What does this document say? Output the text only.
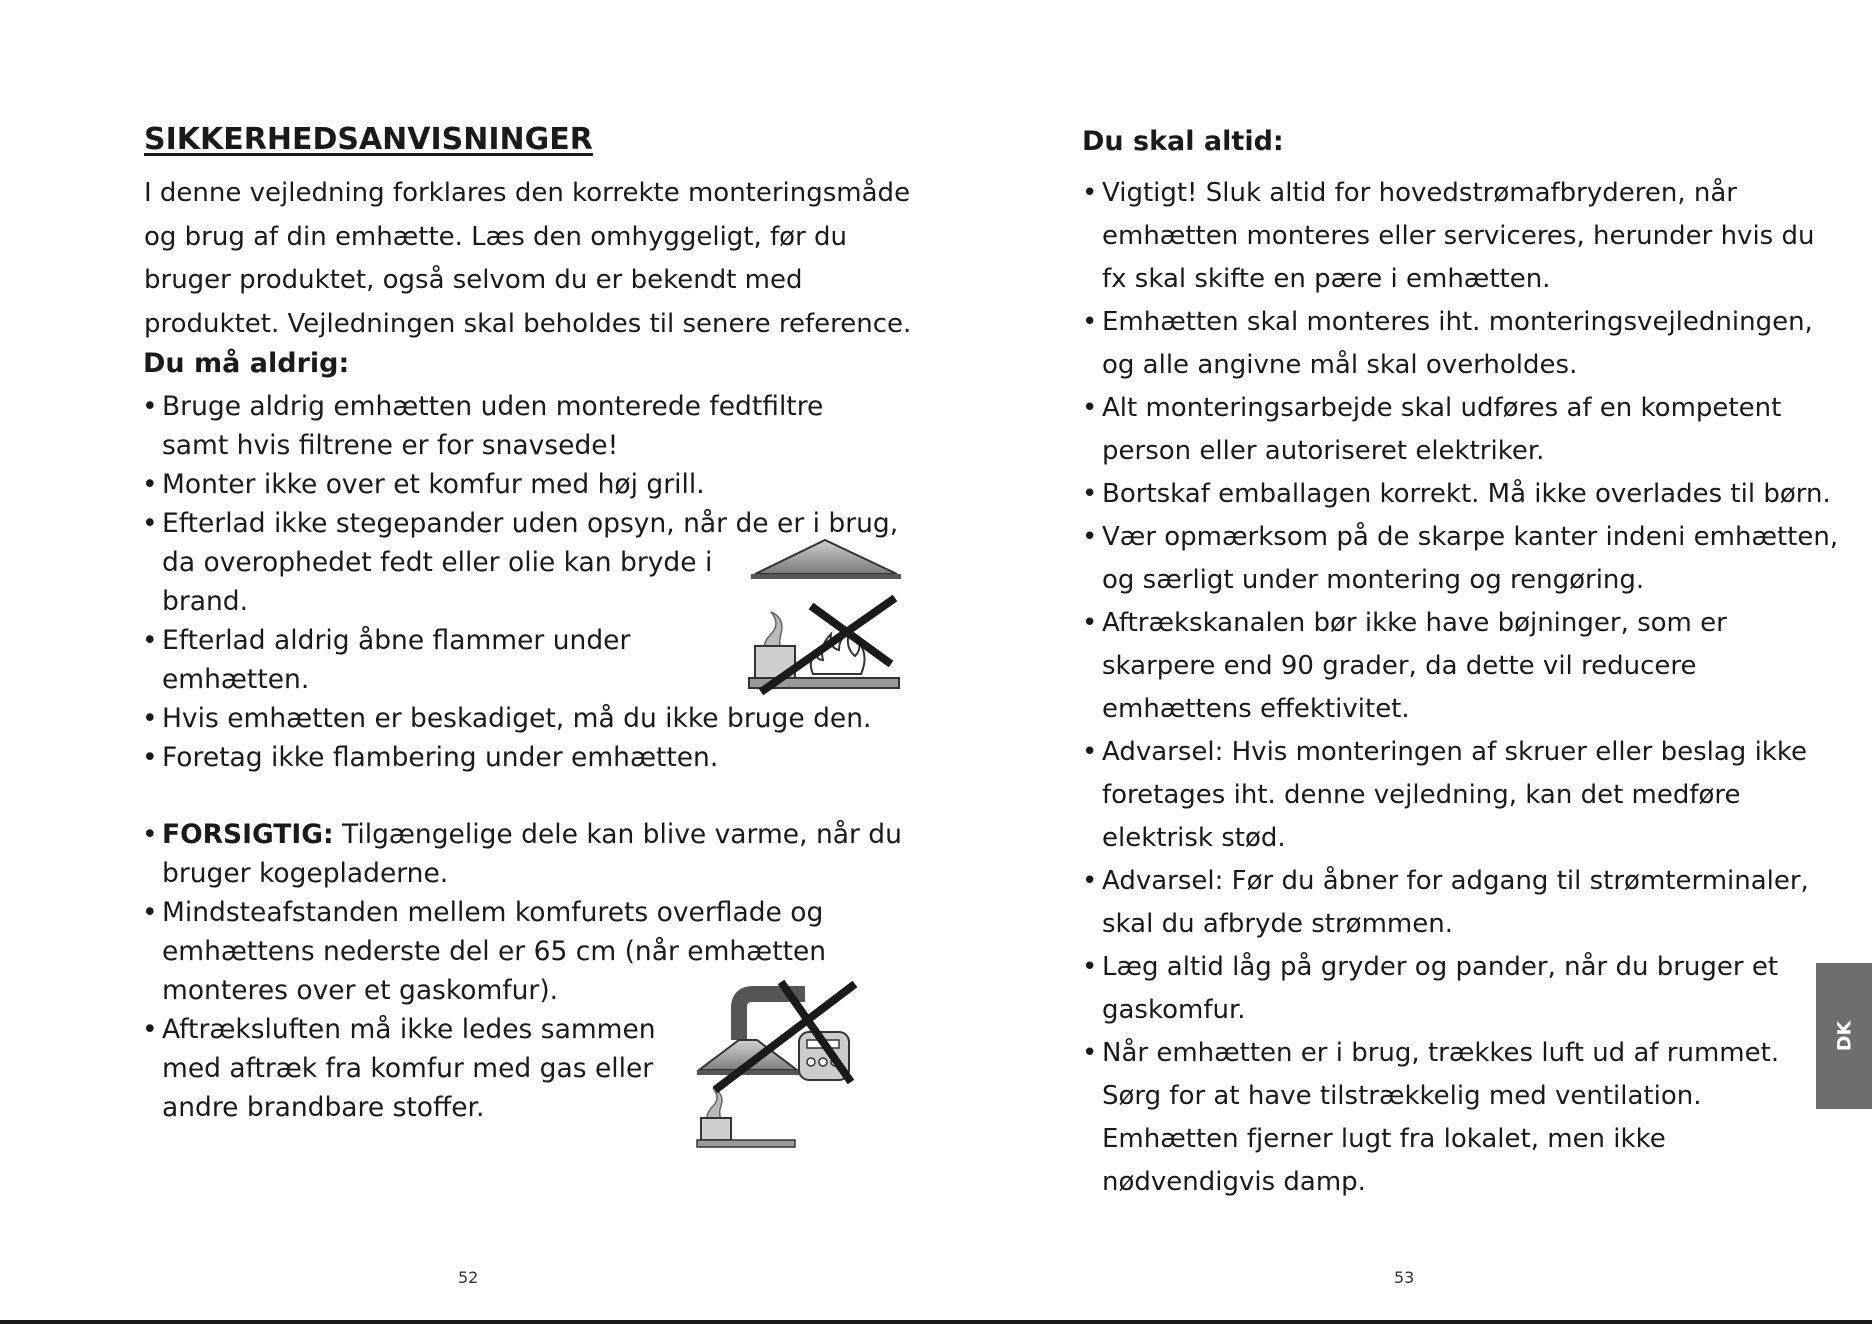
SIKKERHEDSANVISNINGER
I denne vejledning forklares den korrekte monteringsmåde
og brug af din emhætte. Læs den omhyggeligt, før du
bruger produktet, også selvom du er bekendt med
produktet. Vejledningen skal beholdes til senere reference.
Du må aldrig:
• Bruge aldrig emhætten uden monterede fedtfiltre
samt hvis filtrene er for snavsede!
• Monter ikke over et komfur med høj grill.
• Efterlad ikke stegepander uden opsyn, når de er i brug,
da overophedet fedt eller olie kan bryde i
brand.
• Efterlad aldrig åbne flammer under
emhætten.
• Hvis emhætten er beskadiget, må du ikke bruge den.
• Foretag ikke flambering under emhætten.
• FORSIGTIG: Tilgængelige dele kan blive varme, når du
bruger kogepladerne.
• Mindsteafstanden mellem komfurets overflade og
emhættens nederste del er 65 cm (når emhætten
monteres over et gaskomfur).
• Aftræksluften må ikke ledes sammen
med aftræk fra komfur med gas eller
andre brandbare stoffer.
52
Du skal altid:
• Vigtigt! Sluk altid for hovedstrømafbryderen, når
emhætten monteres eller serviceres, herunder hvis du
fx skal skifte en pære i emhætten.
• Emhætten skal monteres iht. monteringsvejledningen,
og alle angivne mål skal overholdes.
• Alt monteringsarbejde skal udføres af en kompetent
person eller autoriseret elektriker.
• Bortskaf emballagen korrekt. Må ikke overlades til børn.
• Vær opmærksom på de skarpe kanter indeni emhætten,
og særligt under montering og rengøring.
• Aftrækskanalen bør ikke have bøjninger, som er
skarpere end 90 grader, da dette vil reducere
emhættens effektivitet.
• Advarsel: Hvis monteringen af skruer eller beslag ikke
foretages iht. denne vejledning, kan det medføre
elektrisk stød.
• Advarsel: Før du åbner for adgang til strømterminaler,
skal du afbryde strømmen.
• Læg altid låg på gryder og pander, når du bruger et
gaskomfur.
• Når emhætten er i brug, trækkes luft ud af rummet.
Sørg for at have tilstrækkelig med ventilation.
Emhætten fjerner lugt fra lokalet, men ikke
nødvendigvis damp.
53
DK
